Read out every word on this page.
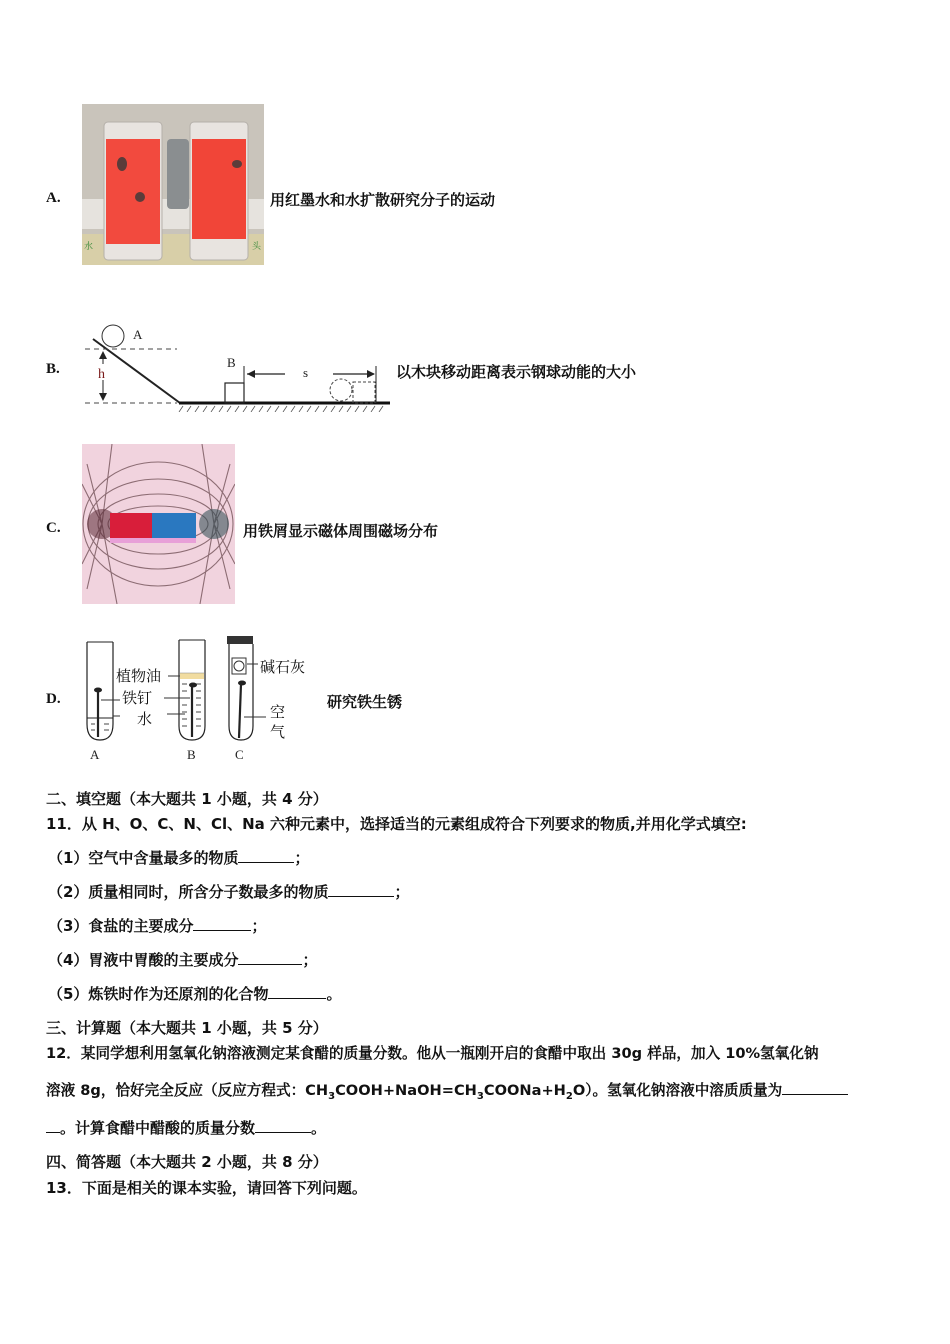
A.
水	头
用红墨水和水扩散研究分子的运动
B.
A
h
B
s	以木块移动距离表示钢球动能的大小
C.	用铁屑显示磁体周围磁场分布
D.
A	B	C
植物油
铁钉
水
碱石灰
空
气
研究铁生锈
二、填空题（本大题共 1 小题，共 4 分）
11．从 H、O、C、N、Cl、Na 六种元素中，选择适当的元素组成符合下列要求的物质,并用化学式填空:
（1）空气中含量最多的物质	；
（2）质量相同时，所含分子数最多的物质	；
（3）食盐的主要成分	；
（4）胃液中胃酸的主要成分	；
（5）炼铁时作为还原剂的化合物	。
三、计算题（本大题共 1 小题，共 5 分）
12．某同学想利用氢氧化钠溶液测定某食醋的质量分数。他从一瓶刚开启的食醋中取出 30g 样品，加入 10%氢氧化钠
溶液 8g，恰好完全反应（反应方程式：$CH_3COOH+NaOH=CH_3COONa+H_2O$）。氢氧化钠溶液中溶质质量为
。计算食醋中醋酸的质量分数	。
四、简答题（本大题共 2 小题，共 8 分）
13．下面是相关的课本实验，请回答下列问题。
